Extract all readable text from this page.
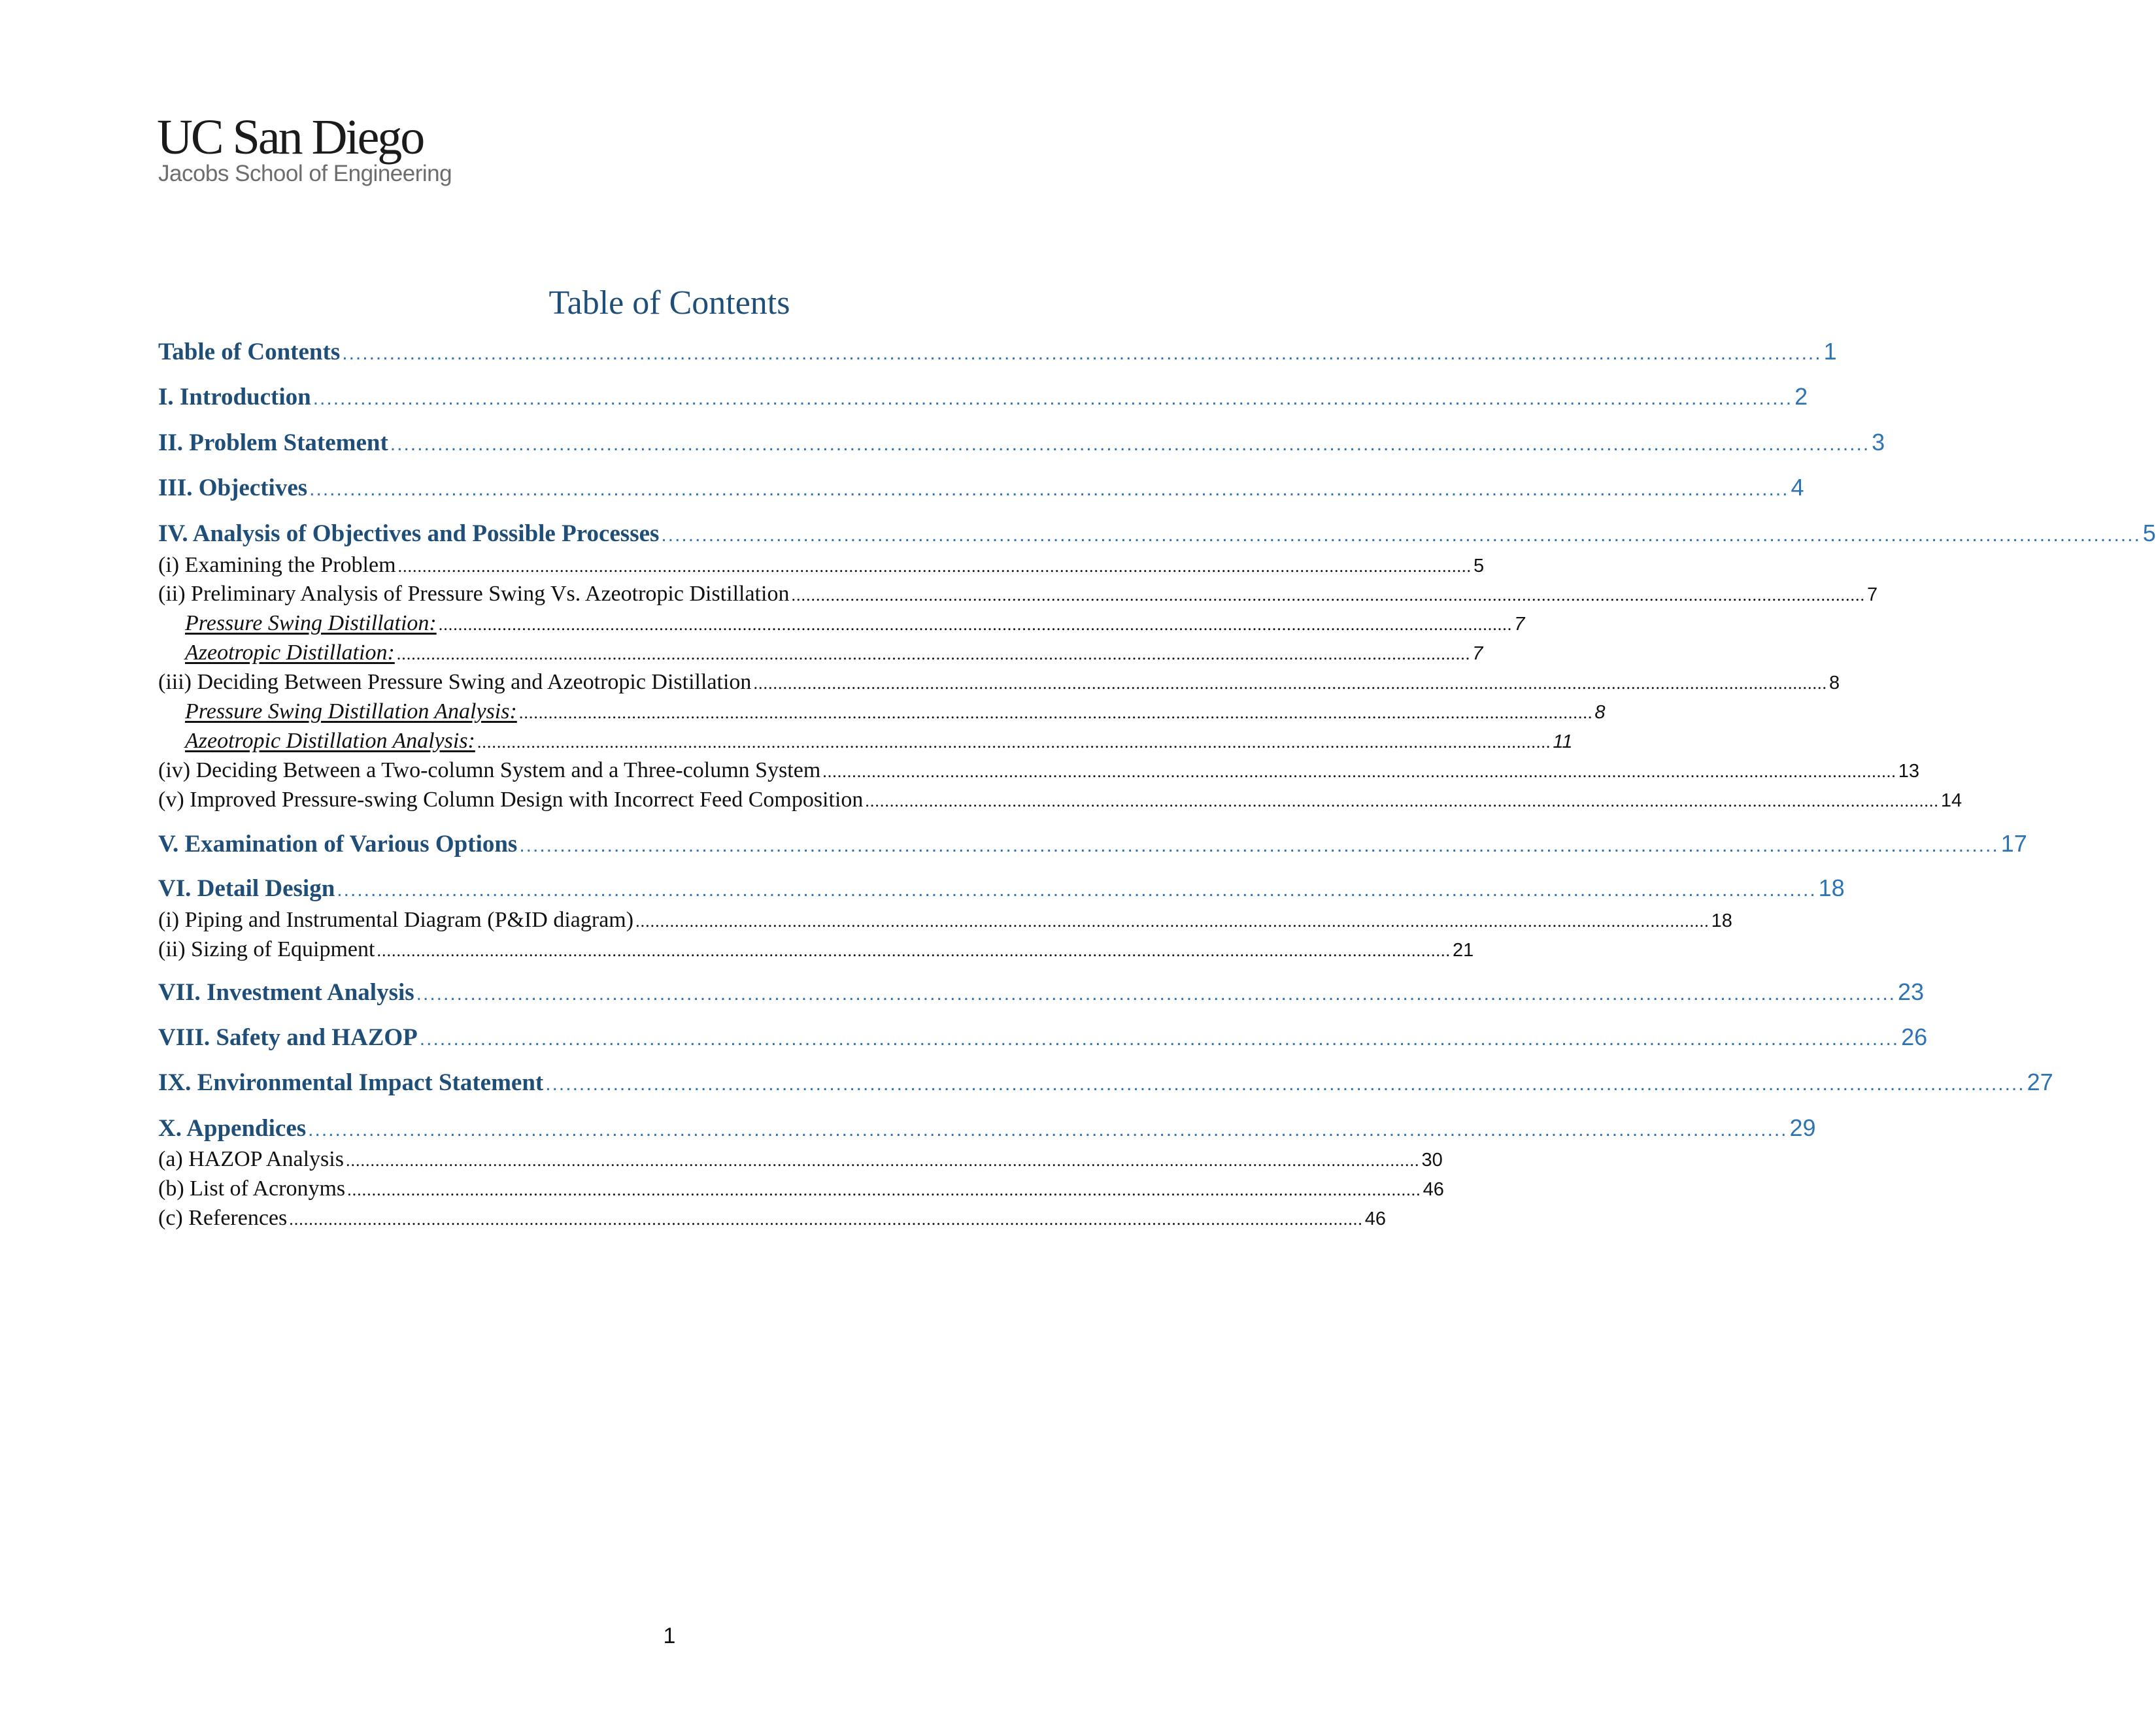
UC San Diego
Jacobs School of Engineering
Table of Contents
Table of Contents ........................................................................................................................................................................................................................... 1
I. Introduction ........................................................................................................................................................................................................................... 2
II. Problem Statement ........................................................................................................................................................................................................................... 3
III. Objectives ........................................................................................................................................................................................................................... 4
IV. Analysis of Objectives and Possible Processes ........................................................................................................................................................................................................................... 5
(i) Examining the Problem ........................................................................................................................................................................................................................... 5
(ii) Preliminary Analysis of Pressure Swing Vs. Azeotropic Distillation ........................................................................................................................................................................................................................... 7
Pressure Swing Distillation: ........................................................................................................................................................................................................................... 7
Azeotropic Distillation: ........................................................................................................................................................................................................................... 7
(iii) Deciding Between Pressure Swing and Azeotropic Distillation ........................................................................................................................................................................................................................... 8
Pressure Swing Distillation Analysis: ........................................................................................................................................................................................................................... 8
Azeotropic Distillation Analysis: ........................................................................................................................................................................................................................... 11
(iv) Deciding Between a Two-column System and a Three-column System ........................................................................................................................................................................................................................... 13
(v) Improved Pressure-swing Column Design with Incorrect Feed Composition ........................................................................................................................................................................................................................... 14
V. Examination of Various Options ........................................................................................................................................................................................................................... 17
VI. Detail Design ........................................................................................................................................................................................................................... 18
(i) Piping and Instrumental Diagram (P&ID diagram) ........................................................................................................................................................................................................................... 18
(ii) Sizing of Equipment ........................................................................................................................................................................................................................... 21
VII. Investment Analysis ........................................................................................................................................................................................................................... 23
VIII. Safety and HAZOP ........................................................................................................................................................................................................................... 26
IX. Environmental Impact Statement ........................................................................................................................................................................................................................... 27
X. Appendices ........................................................................................................................................................................................................................... 29
(a) HAZOP Analysis ........................................................................................................................................................................................................................... 30
(b) List of Acronyms ........................................................................................................................................................................................................................... 46
(c) References ........................................................................................................................................................................................................................... 46
1
